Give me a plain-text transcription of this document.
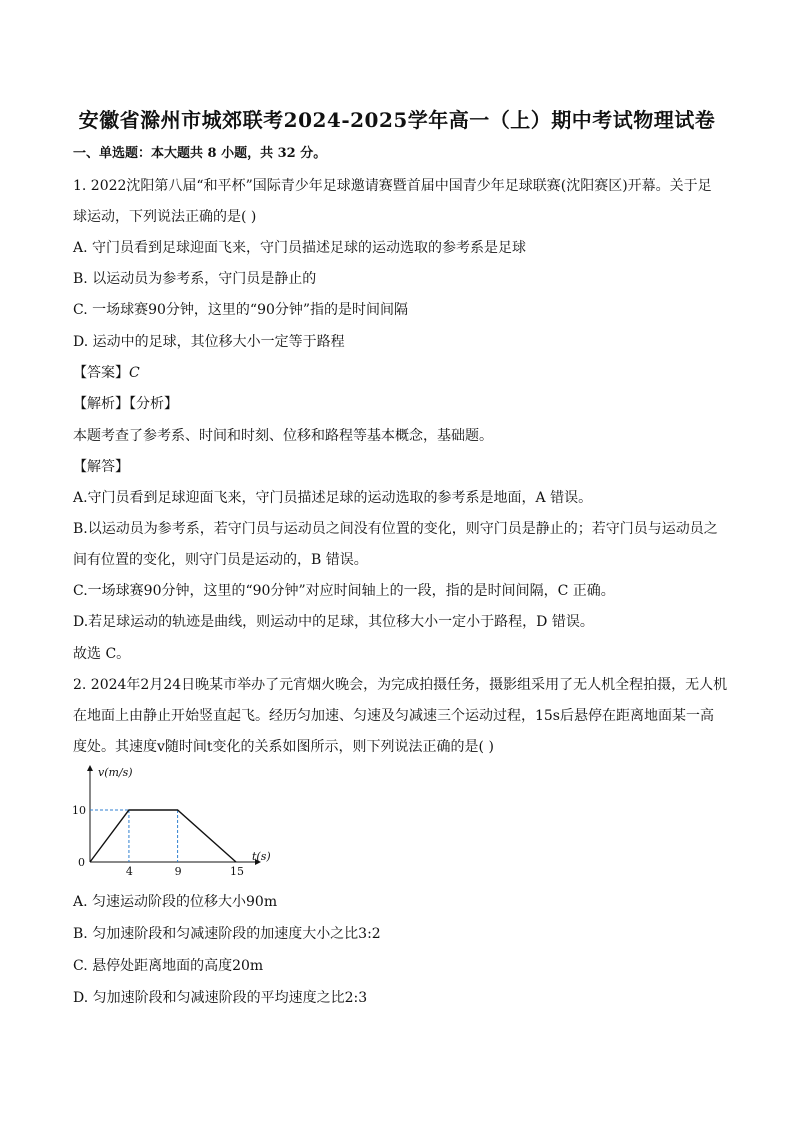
安徽省滁州市城郊联考2024-2025学年高一（上）期中考试物理试卷
一、单选题：本大题共 8 小题，共 32 分。
1. 2022沈阳第八届“和平杯”国际青少年足球邀请赛暨首届中国青少年足球联赛(沈阳赛区)开幕。关于足
球运动，下列说法正确的是( )
A. 守门员看到足球迎面飞来，守门员描述足球的运动选取的参考系是足球
B. 以运动员为参考系，守门员是静止的
C. 一场球赛90分钟，这里的“90分钟”指的是时间间隔
D. 运动中的足球，其位移大小一定等于路程
【答案】C
【解析】【分析】
本题考查了参考系、时间和时刻、位移和路程等基本概念，基础题。
【解答】
A.守门员看到足球迎面飞来，守门员描述足球的运动选取的参考系是地面，A 错误。
B.以运动员为参考系，若守门员与运动员之间没有位置的变化，则守门员是静止的；若守门员与运动员之
间有位置的变化，则守门员是运动的，B 错误。
C.一场球赛90分钟，这里的“90分钟”对应时间轴上的一段，指的是时间间隔，C 正确。
D.若足球运动的轨迹是曲线，则运动中的足球，其位移大小一定小于路程，D 错误。
故选 C。
2. 2024年2月24日晚某市举办了元宵烟火晚会，为完成拍摄任务，摄影组采用了无人机全程拍摄，无人机
在地面上由静止开始竖直起飞。经历匀加速、匀速及匀减速三个运动过程，15s后悬停在距离地面某一高
度处。其速度v随时间t变化的关系如图所示，则下列说法正确的是( )
4	9	15
10
v(m/s)
t(s)
0
A. 匀速运动阶段的位移大小90m
B. 匀加速阶段和匀减速阶段的加速度大小之比3:2
C. 悬停处距离地面的高度20m
D. 匀加速阶段和匀减速阶段的平均速度之比2:3
